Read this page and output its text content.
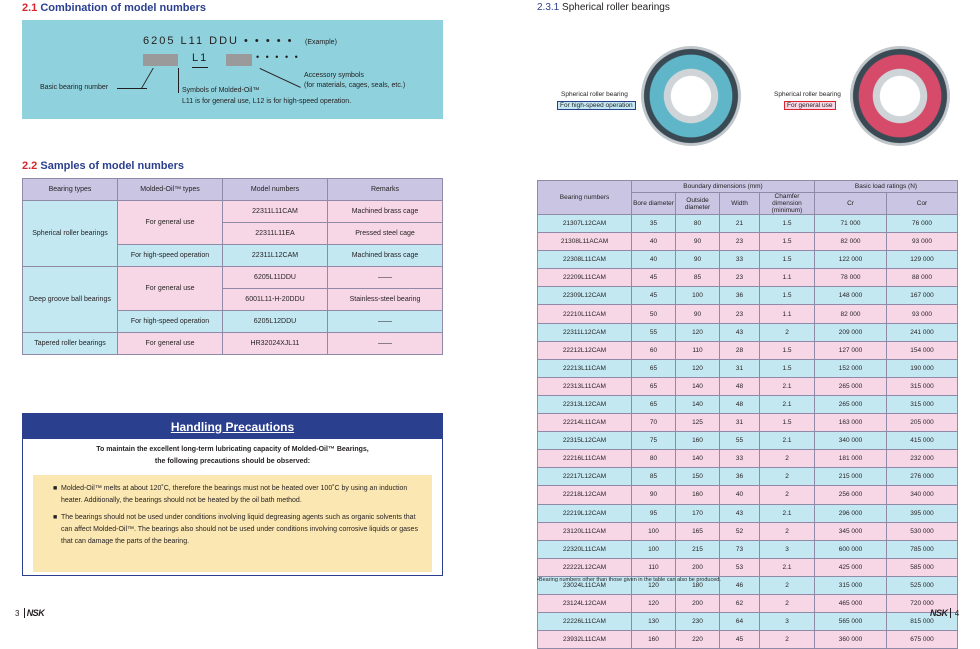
2.1 Combination of model numbers
6205 L11 DDU • • • • • (Example)
L1	• • • • •
Basic bearing number
Accessory symbols
(for materials, cages, seals, etc.)
Symbols of Molded-Oil™
L11 is for general use, L12 is for high-speed operation.
2.2 Samples of model numbers
Bearing types	Molded-Oil™ types	Model numbers	Remarks
Spherical roller bearings	For general use	22311L11CAM	Machined brass cage
		22311L11EA	Pressed steel cage
	For high-speed operation	22311L12CAM	Machined brass cage
Deep groove ball bearings	For general use	6205L11DDU	——
		6001L11-H-20DDU	Stainless-steel bearing
	For high-speed operation	6205L12DDU	——
Tapered roller bearings	For general use	HR32024XJL11	——
Handling Precautions
To maintain the excellent long-term lubricating capacity of Molded-Oil™ Bearings,
the following precautions should be observed:

■ Molded-Oil™ melts at about 120˚C, therefore the bearings must not be heated over 100˚C by using an induction heater. Additionally, the bearings should not be heated by the oil bath method.

■ The bearings should not be used under conditions involving liquid degreasing agents such as organic solvents that can affect Molded-Oil™. The bearings also should not be used under conditions involving corrosive liquids or gases that can damage the parts of the bearing.

3 NSK
2.3.1 Spherical roller bearings
Spherical roller bearing
For high-speed operation
Spherical roller bearing
For general use
Bearing numbers	Boundary dimensions (mm)				Basic load ratings (N)	
	Bore diameter	Outside diameter	Width	Chamfer dimension (minimum)	Cr	Cor
21307L12CAM	35	80	21	1.5	71 000	76 000
21308L11ACAM	40	90	23	1.5	82 000	93 000
22308L11CAM	40	90	33	1.5	122 000	129 000
22209L11CAM	45	85	23	1.1	78 000	88 000
22309L12CAM	45	100	36	1.5	148 000	167 000
22210L11CAM	50	90	23	1.1	82 000	93 000
22311L12CAM	55	120	43	2	209 000	241 000
22212L12CAM	60	110	28	1.5	127 000	154 000
22213L11CAM	65	120	31	1.5	152 000	190 000
22313L11CAM	65	140	48	2.1	265 000	315 000
22313L12CAM	65	140	48	2.1	265 000	315 000
22214L11CAM	70	125	31	1.5	163 000	205 000
22315L12CAM	75	160	55	2.1	340 000	415 000
22216L11CAM	80	140	33	2	181 000	232 000
22217L12CAM	85	150	36	2	215 000	276 000
22218L12CAM	90	160	40	2	256 000	340 000
22219L12CAM	95	170	43	2.1	296 000	395 000
23120L11CAM	100	165	52	2	345 000	530 000
22320L11CAM	100	215	73	3	600 000	785 000
22222L12CAM	110	200	53	2.1	425 000	585 000
23024L11CAM	120	180	46	2	315 000	525 000
23124L12CAM	120	200	62	2	465 000	720 000
22226L11CAM	130	230	64	3	565 000	815 000
23932L11CAM	160	220	45	2	360 000	675 000
•Bearing numbers other than those given in the table can also be produced.
NSK 4
